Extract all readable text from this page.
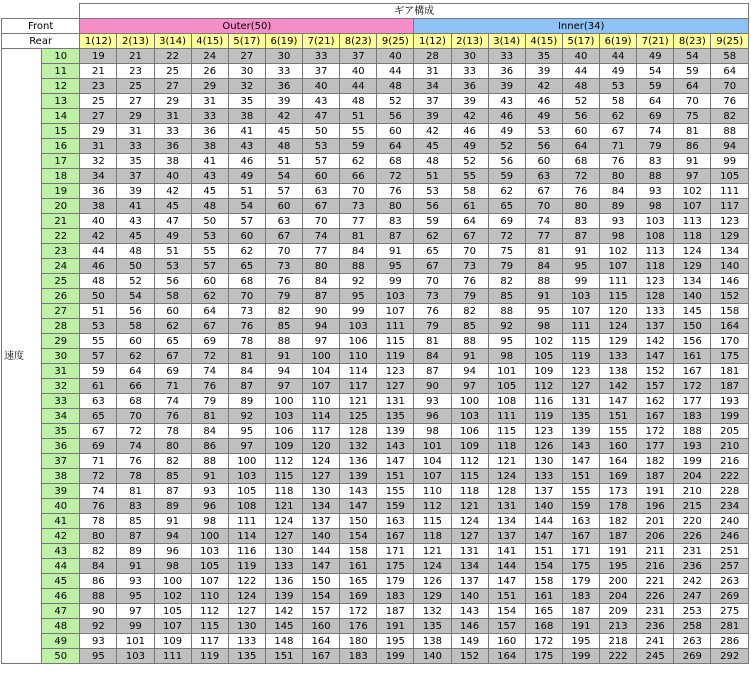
		ギア構成																	
Front		Outer(50)									Inner(34)								
Rear		1(12)	2(13)	3(14)	4(15)	5(17)	6(19)	7(21)	8(23)	9(25)	1(12)	2(13)	3(14)	4(15)	5(17)	6(19)	7(21)	8(23)	9(25)
速度	10	19	21	22	24	27	30	33	37	40	28	30	33	35	40	44	49	54	58
	11	21	23	25	26	30	33	37	40	44	31	33	36	39	44	49	54	59	64
	12	23	25	27	29	32	36	40	44	48	34	36	39	42	48	53	59	64	70
	13	25	27	29	31	35	39	43	48	52	37	39	43	46	52	58	64	70	76
	14	27	29	31	33	38	42	47	51	56	39	42	46	49	56	62	69	75	82
	15	29	31	33	36	41	45	50	55	60	42	46	49	53	60	67	74	81	88
	16	31	33	36	38	43	48	53	59	64	45	49	52	56	64	71	79	86	94
	17	32	35	38	41	46	51	57	62	68	48	52	56	60	68	76	83	91	99
	18	34	37	40	43	49	54	60	66	72	51	55	59	63	72	80	88	97	105
	19	36	39	42	45	51	57	63	70	76	53	58	62	67	76	84	93	102	111
	20	38	41	45	48	54	60	67	73	80	56	61	65	70	80	89	98	107	117
	21	40	43	47	50	57	63	70	77	83	59	64	69	74	83	93	103	113	123
	22	42	45	49	53	60	67	74	81	87	62	67	72	77	87	98	108	118	129
	23	44	48	51	55	62	70	77	84	91	65	70	75	81	91	102	113	124	134
	24	46	50	53	57	65	73	80	88	95	67	73	79	84	95	107	118	129	140
	25	48	52	56	60	68	76	84	92	99	70	76	82	88	99	111	123	134	146
	26	50	54	58	62	70	79	87	95	103	73	79	85	91	103	115	128	140	152
	27	51	56	60	64	73	82	90	99	107	76	82	88	95	107	120	133	145	158
	28	53	58	62	67	76	85	94	103	111	79	85	92	98	111	124	137	150	164
	29	55	60	65	69	78	88	97	106	115	81	88	95	102	115	129	142	156	170
	30	57	62	67	72	81	91	100	110	119	84	91	98	105	119	133	147	161	175
	31	59	64	69	74	84	94	104	114	123	87	94	101	109	123	138	152	167	181
	32	61	66	71	76	87	97	107	117	127	90	97	105	112	127	142	157	172	187
	33	63	68	74	79	89	100	110	121	131	93	100	108	116	131	147	162	177	193
	34	65	70	76	81	92	103	114	125	135	96	103	111	119	135	151	167	183	199
	35	67	72	78	84	95	106	117	128	139	98	106	115	123	139	155	172	188	205
	36	69	74	80	86	97	109	120	132	143	101	109	118	126	143	160	177	193	210
	37	71	76	82	88	100	112	124	136	147	104	112	121	130	147	164	182	199	216
	38	72	78	85	91	103	115	127	139	151	107	115	124	133	151	169	187	204	222
	39	74	81	87	93	105	118	130	143	155	110	118	128	137	155	173	191	210	228
	40	76	83	89	96	108	121	134	147	159	112	121	131	140	159	178	196	215	234
	41	78	85	91	98	111	124	137	150	163	115	124	134	144	163	182	201	220	240
	42	80	87	94	100	114	127	140	154	167	118	127	137	147	167	187	206	226	246
	43	82	89	96	103	116	130	144	158	171	121	131	141	151	171	191	211	231	251
	44	84	91	98	105	119	133	147	161	175	124	134	144	154	175	195	216	236	257
	45	86	93	100	107	122	136	150	165	179	126	137	147	158	179	200	221	242	263
	46	88	95	102	110	124	139	154	169	183	129	140	151	161	183	204	226	247	269
	47	90	97	105	112	127	142	157	172	187	132	143	154	165	187	209	231	253	275
	48	92	99	107	115	130	145	160	176	191	135	146	157	168	191	213	236	258	281
	49	93	101	109	117	133	148	164	180	195	138	149	160	172	195	218	241	263	286
	50	95	103	111	119	135	151	167	183	199	140	152	164	175	199	222	245	269	292
